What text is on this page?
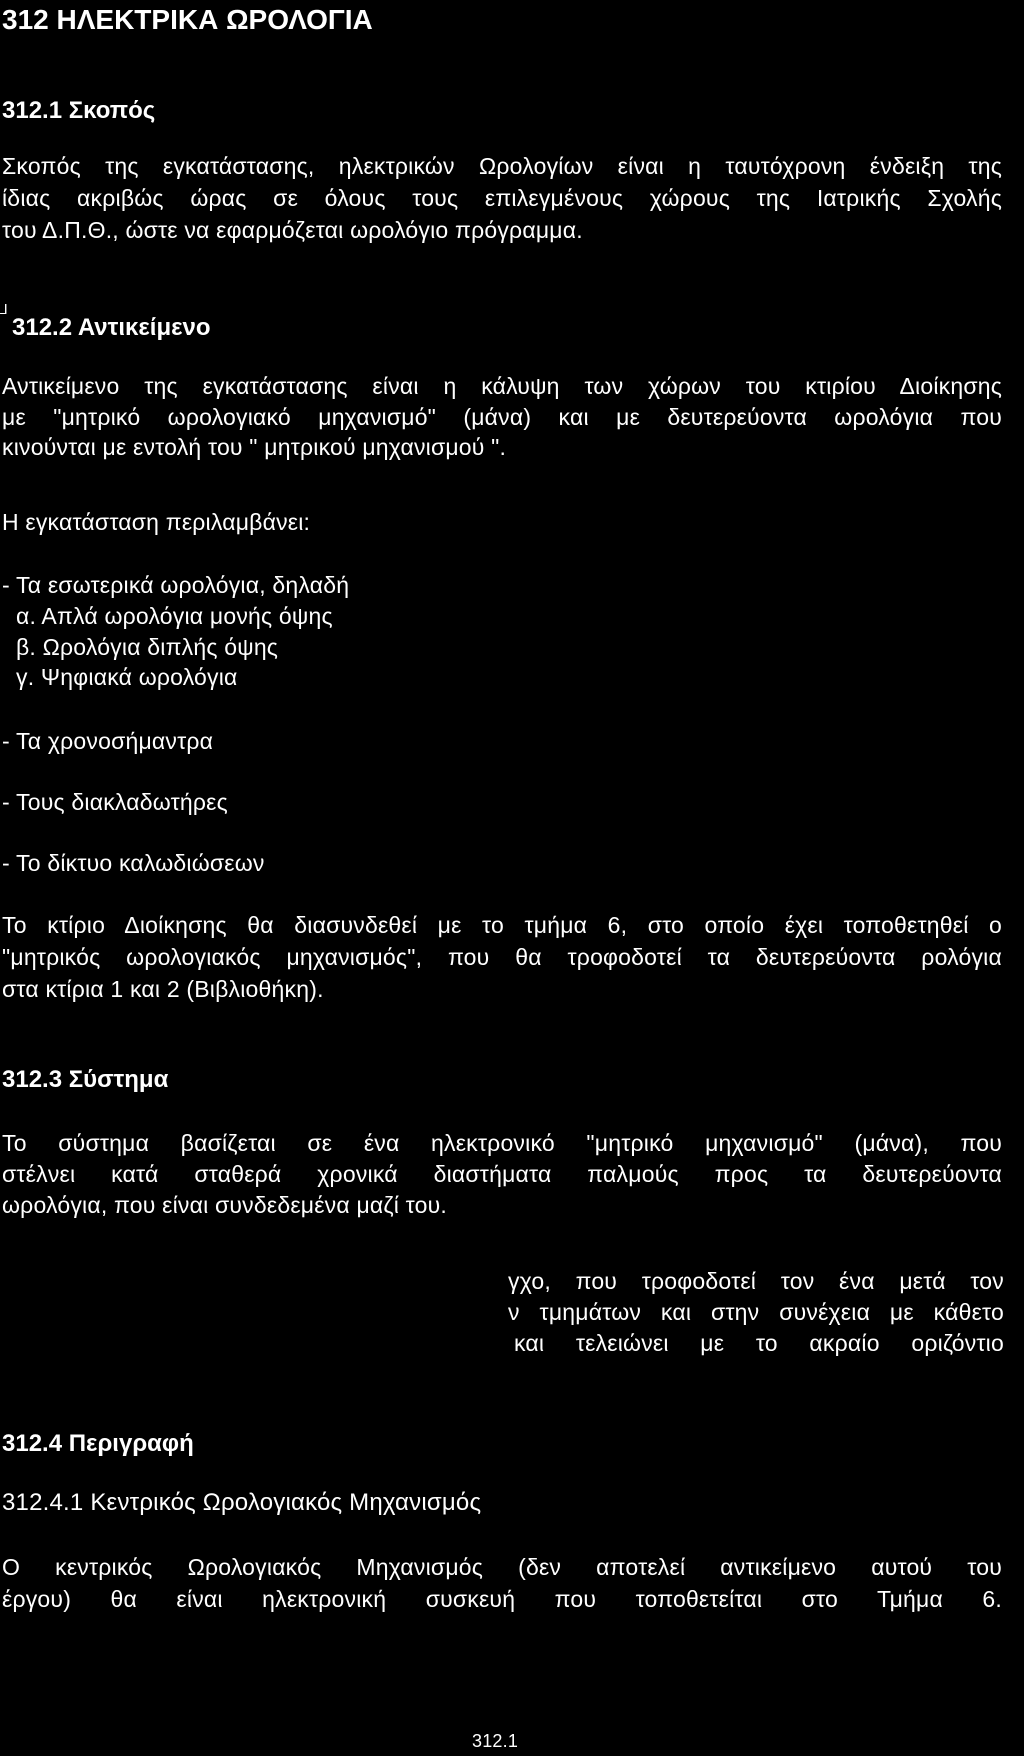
312 ΗΛΕΚΤΡΙΚΑ ΩΡΟΛΟΓΙΑ
312.1 Σκοπός
Σκοπός της εγκατάστασης, ηλεκτρικών Ωρολογίων είναι η ταυτόχρονη ένδειξη της
ίδιας ακριβώς ώρας σε όλους τους επιλεγμένους χώρους της Ιατρικής Σχολής
του Δ.Π.Θ., ώστε να εφαρμόζεται ωρολόγιο πρόγραμμα.
⅃
312.2 Αντικείμενο
Αντικείμενο της εγκατάστασης είναι η κάλυψη των χώρων του κτιρίου Διοίκησης
με "μητρικό ωρολογιακό μηχανισμό" (μάνα) και με δευτερεύοντα ωρολόγια που
κινούνται με εντολή του " μητρικού μηχανισμού ".
Η εγκατάσταση περιλαμβάνει:
- Τα εσωτερικά ωρολόγια, δηλαδή
α. Απλά ωρολόγια μονής όψης
β. Ωρολόγια διπλής όψης
γ. Ψηφιακά ωρολόγια
- Τα χρονοσήμαντρα
- Τους διακλαδωτήρες
- Το δίκτυο καλωδιώσεων
Το κτίριο Διοίκησης θα διασυνδεθεί με το τμήμα 6, στο οποίο έχει τοποθετηθεί ο
"μητρικός ωρολογιακός μηχανισμός", που θα τροφοδοτεί τα δευτερεύοντα ρολόγια
στα κτίρια 1 και 2 (Βιβλιοθήκη).
312.3 Σύστημα
Το σύστημα βασίζεται σε ένα ηλεκτρονικό "μητρικό μηχανισμό" (μάνα), που
στέλνει κατά σταθερά χρονικά διαστήματα παλμούς προς τα δευτερεύοντα
ωρολόγια, που είναι συνδεδεμένα μαζί του.
γχο, που τροφοδοτεί τον ένα μετά τον
ν τμημάτων και στην συνέχεια με κάθετο
και τελειώνει με το ακραίο οριζόντιο
312.4 Περιγραφή
312.4.1 Κεντρικός Ωρολογιακός Μηχανισμός
Ο κεντρικός Ωρολογιακός Μηχανισμός (δεν αποτελεί αντικείμενο αυτού του
έργου) θα είναι ηλεκτρονική συσκευή που τοποθετείται στο Τμήμα 6.
312.1
